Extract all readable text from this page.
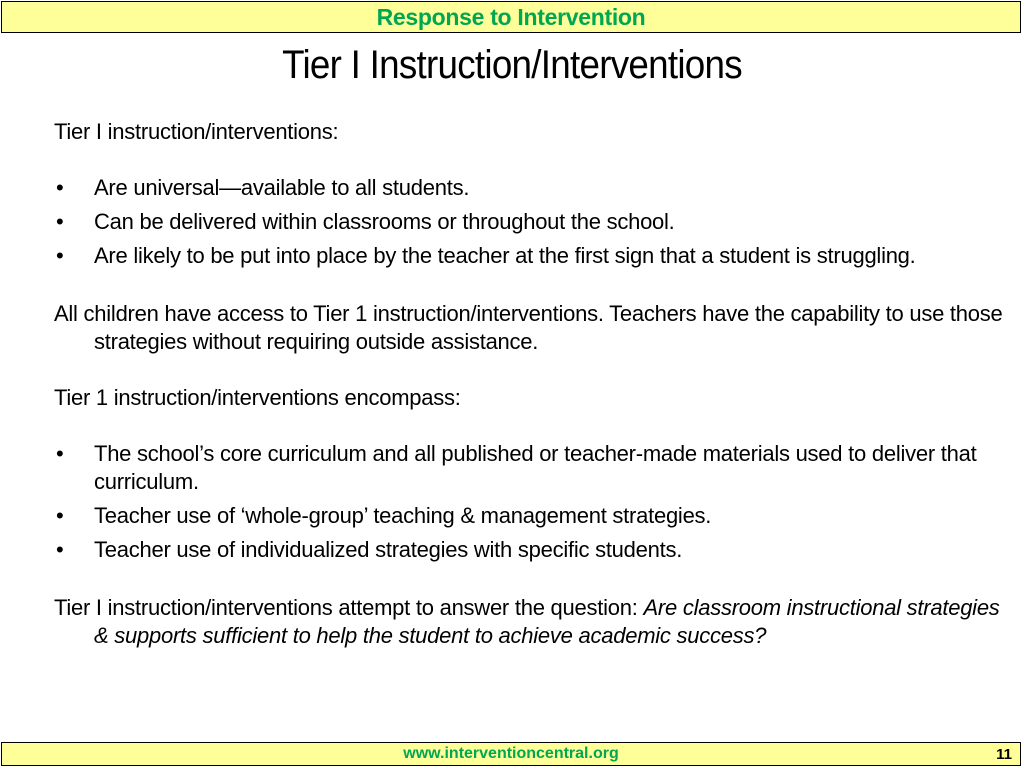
Response to Intervention
Tier I Instruction/Interventions

Tier I instruction/interventions:

• Are universal—available to all students.
• Can be delivered within classrooms or throughout the school.
• Are likely to be put into place by the teacher at the first sign that a student is struggling.

All children have access to Tier 1 instruction/interventions. Teachers have the capability to use those strategies without requiring outside assistance.

Tier 1 instruction/interventions encompass:

• The school’s core curriculum and all published or teacher-made materials used to deliver that curriculum.
• Teacher use of ‘whole-group’ teaching & management strategies.
• Teacher use of individualized strategies with specific students.

Tier I instruction/interventions attempt to answer the question: Are classroom instructional strategies & supports sufficient to help the student to achieve academic success?

www.interventioncentral.org	11
